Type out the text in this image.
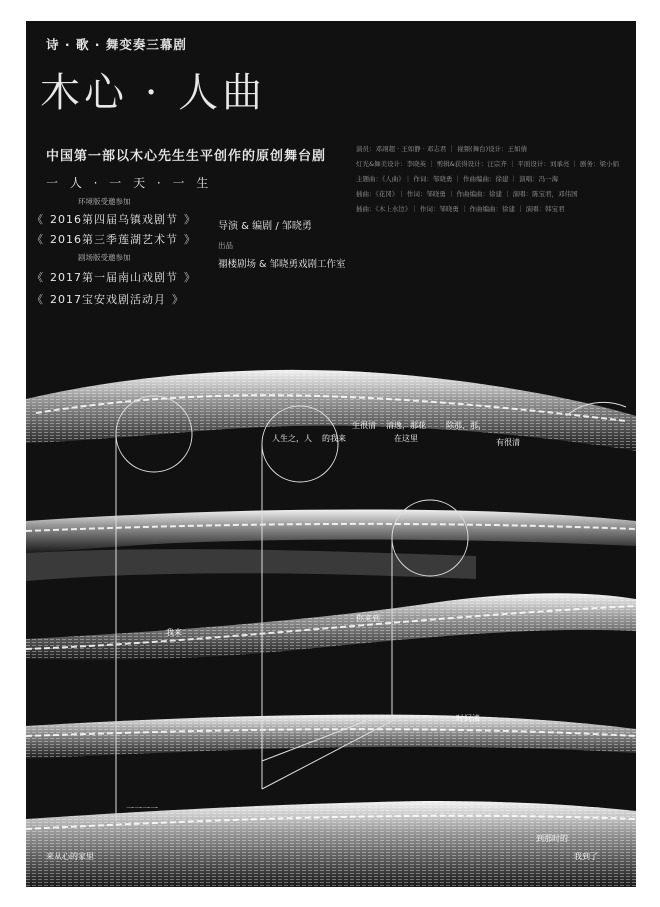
诗 · 歌 · 舞变奏三幕剧

木心 · 人曲

中国第一部以木心先生生平创作的原创舞台剧

一 人 · 一 天 · 一 生

环境版受邀参加

《 2016第四届乌镇戏剧节 》

《 2016第三季莲湖艺术节 》

剧场版受邀参加

《 2017第一届南山戏剧节 》

《 2017宝安戏剧活动月 》

导演 & 编剧 / 邹晓勇

出品

禤楼剧场 & 邹晓勇戏剧工作室

演员：邓翊超 · 王如静 · 邓志君 ｜ 视频(舞台)设计：王如倩

灯光&舞美设计：李晓英 ｜ 剪辑&获得设计：汪宗齐 ｜ 平面设计：刘承亮 ｜ 剧务：梁小娟

主题曲：《人曲》｜ 作词：邹晓勇 ｜ 作曲编曲：徐建 ｜ 演唱：冯一海

插曲：《花冈》｜ 作词：邹晓勇 ｜ 作曲编曲：徐建 ｜ 演唱：陈宝君，邓伟国

插曲：《木上水边》｜ 作词：邹晓勇 ｜ 作曲编曲：徐建 ｜ 演唱：韩宝君

生很清 清逸，那花	除那，那，
人生之，人 的我来	在这里	有很清
我来
你来到
时间清
一一一一
来从心的家里	我到了
到那时的
